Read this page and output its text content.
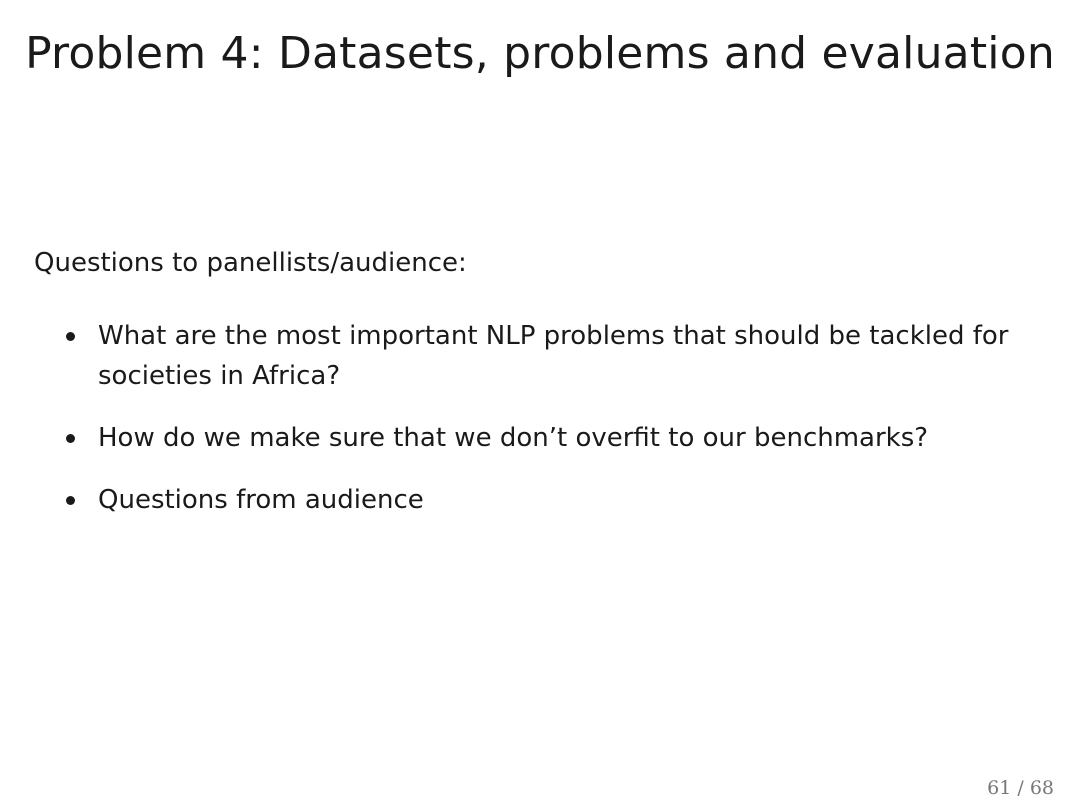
Problem 4: Datasets, problems and evaluation

Questions to panellists/audience:

What are the most important NLP problems that should be tackled for societies in Africa?
How do we make sure that we don’t overfit to our benchmarks?
Questions from audience
61 / 68
